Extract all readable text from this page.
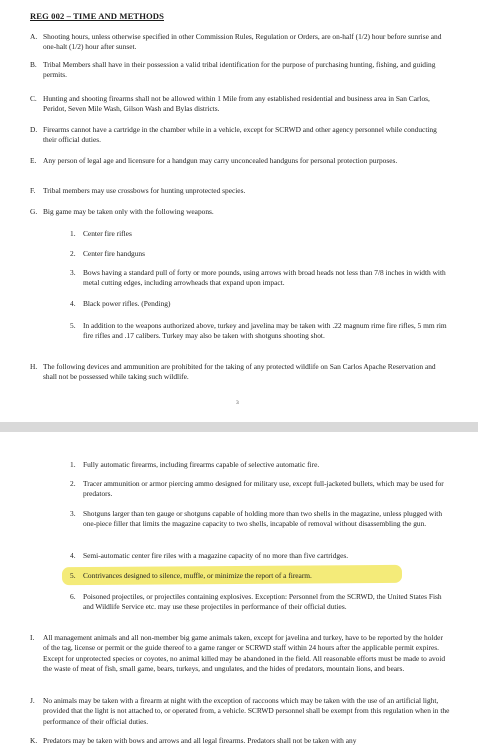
REG 002 – TIME AND METHODS
A. Shooting hours, unless otherwise specified in other Commission Rules, Regulation or Orders, are on-half (1/2) hour before sunrise and one-halt (1/2) hour after sunset.
B. Tribal Members shall have in their possession a valid tribal identification for the purpose of purchasing hunting, fishing, and guiding permits.
C. Hunting and shooting firearms shall not be allowed within 1 Mile from any established residential and business area in San Carlos, Peridot, Seven Mile Wash, Gilson Wash and Bylas districts.
D. Firearms cannot have a cartridge in the chamber while in a vehicle, except for SCRWD and other agency personnel while conducting their official duties.
E. Any person of legal age and licensure for a handgun may carry unconcealed handguns for personal protection purposes.
F.	Tribal members may use crossbows for hunting unprotected species.
G. Big game may be taken only with the following weapons.
1.	Center fire rifles
2.	Center fire handguns
3.	Bows having a standard pull of forty or more pounds, using arrows with broad heads not less than 7/8 inches in width with metal cutting edges, including arrowheads that expand upon impact.
4.	Black power rifles. (Pending)
5.	In addition to the weapons authorized above, turkey and javelina may be taken with .22 magnum rime fire rifles, 5 mm rim fire rifles and .17 calibers. Turkey may also be taken with shotguns shooting shot.
H. The following devices and ammunition are prohibited for the taking of any protected wildlife on San Carlos Apache Reservation and shall not be possessed while taking such wildlife.
3
1.	Fully automatic firearms, including firearms capable of selective automatic fire.
2.	Tracer ammunition or armor piercing ammo designed for military use, except full-jacketed bullets, which may be used for predators.
3.	Shotguns larger than ten gauge or shotguns capable of holding more than two shells in the magazine, unless plugged with one-piece filler that limits the magazine capacity to two shells, incapable of removal without disassembling the gun.
4.	Semi-automatic center fire riles with a magazine capacity of no more than five cartridges.
5.	Contrivances designed to silence, muffle, or minimize the report of a firearm.
6.	Poisoned projectiles, or projectiles containing explosives. Exception: Personnel from the SCRWD, the United States Fish and Wildlife Service etc. may use these projectiles in performance of their official duties.
I.	All management animals and all non-member big game animals taken, except for javelina and turkey, have to be reported by the holder of the tag, license or permit or the guide thereof to a game ranger or SCRWD staff within 24 hours after the applicable permit expires. Except for unprotected species or coyotes, no animal killed may be abandoned in the field. All reasonable efforts must be made to avoid the waste of meat of fish, small game, bears, turkeys, and ungulates, and the hides of predators, mountain lions, and bears.
J.	No animals may be taken with a firearm at night with the exception of raccoons which may be taken with the use of an artificial light, provided that the light is not attached to, or operated from, a vehicle. SCRWD personnel shall be exempt from this regulation when in the performance of their official duties.
K. Predators may be taken with bows and arrows and all legal firearms. Predators shall not be taken with any
